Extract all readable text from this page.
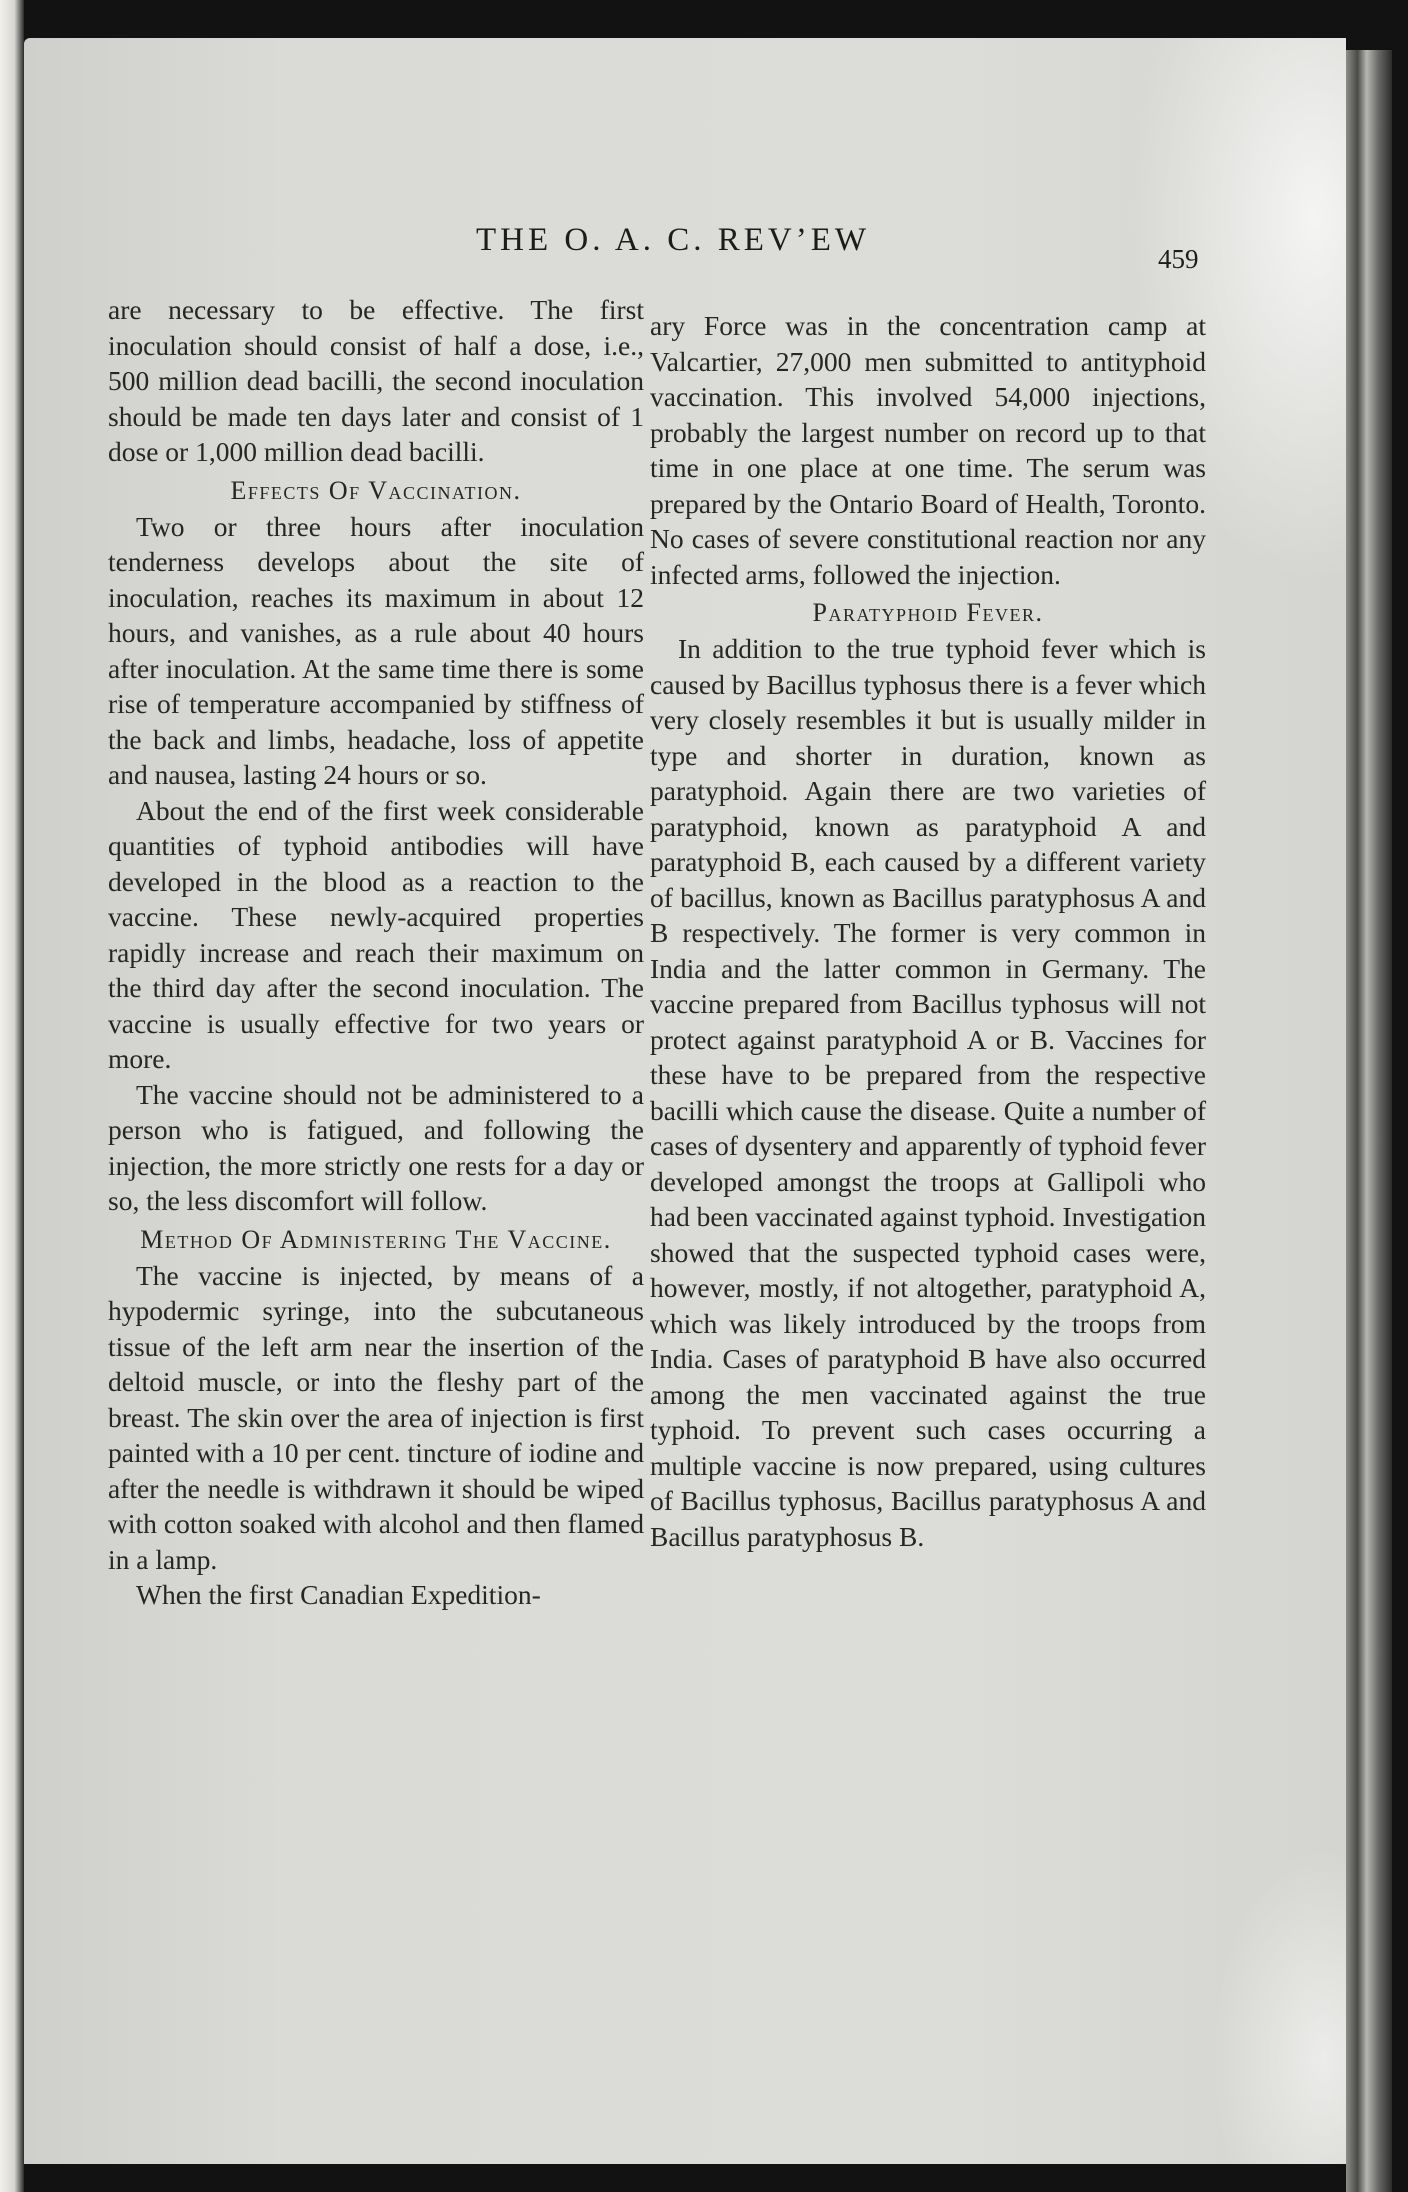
THE O. A. C. REV’EW
459

are necessary to be effective. The first inoculation should consist of half a dose, i.e., 500 million dead bacilli, the second inoculation should be made ten days later and consist of 1 dose or 1,000 million dead bacilli.

Effects Of Vaccination.

Two or three hours after inoculation tenderness develops about the site of inoculation, reaches its maximum in about 12 hours, and vanishes, as a rule about 40 hours after inoculation. At the same time there is some rise of temperature accompanied by stiffness of the back and limbs, headache, loss of appetite and nausea, lasting 24 hours or so.

About the end of the first week considerable quantities of typhoid antibodies will have developed in the blood as a reaction to the vaccine. These newly-acquired properties rapidly increase and reach their maximum on the third day after the second inoculation. The vaccine is usually effective for two years or more.

The vaccine should not be administered to a person who is fatigued, and following the injection, the more strictly one rests for a day or so, the less discomfort will follow.

Method Of Administering The Vaccine.

The vaccine is injected, by means of a hypodermic syringe, into the subcutaneous tissue of the left arm near the insertion of the deltoid muscle, or into the fleshy part of the breast. The skin over the area of injection is first painted with a 10 per cent. tincture of iodine and after the needle is withdrawn it should be wiped with cotton soaked with alcohol and then flamed in a lamp.

When the first Canadian Expedition-

ary Force was in the concentration camp at Valcartier, 27,000 men submitted to antityphoid vaccination. This involved 54,000 injections, probably the largest number on record up to that time in one place at one time. The serum was prepared by the Ontario Board of Health, Toronto. No cases of severe constitutional reaction nor any infected arms, followed the injection.

Paratyphoid Fever.

In addition to the true typhoid fever which is caused by Bacillus typhosus there is a fever which very closely resembles it but is usually milder in type and shorter in duration, known as paratyphoid. Again there are two varieties of paratyphoid, known as paratyphoid A and paratyphoid B, each caused by a different variety of bacillus, known as Bacillus paratyphosus A and B respectively. The former is very common in India and the latter common in Germany. The vaccine prepared from Bacillus typhosus will not protect against paratyphoid A or B. Vaccines for these have to be prepared from the respective bacilli which cause the disease. Quite a number of cases of dysentery and apparently of typhoid fever developed amongst the troops at Gallipoli who had been vaccinated against typhoid. Investigation showed that the suspected typhoid cases were, however, mostly, if not altogether, paratyphoid A, which was likely introduced by the troops from India. Cases of paratyphoid B have also occurred among the men vaccinated against the true typhoid. To prevent such cases occurring a multiple vaccine is now prepared, using cultures of Bacillus typhosus, Bacillus paratyphosus A and Bacillus paratyphosus B.
